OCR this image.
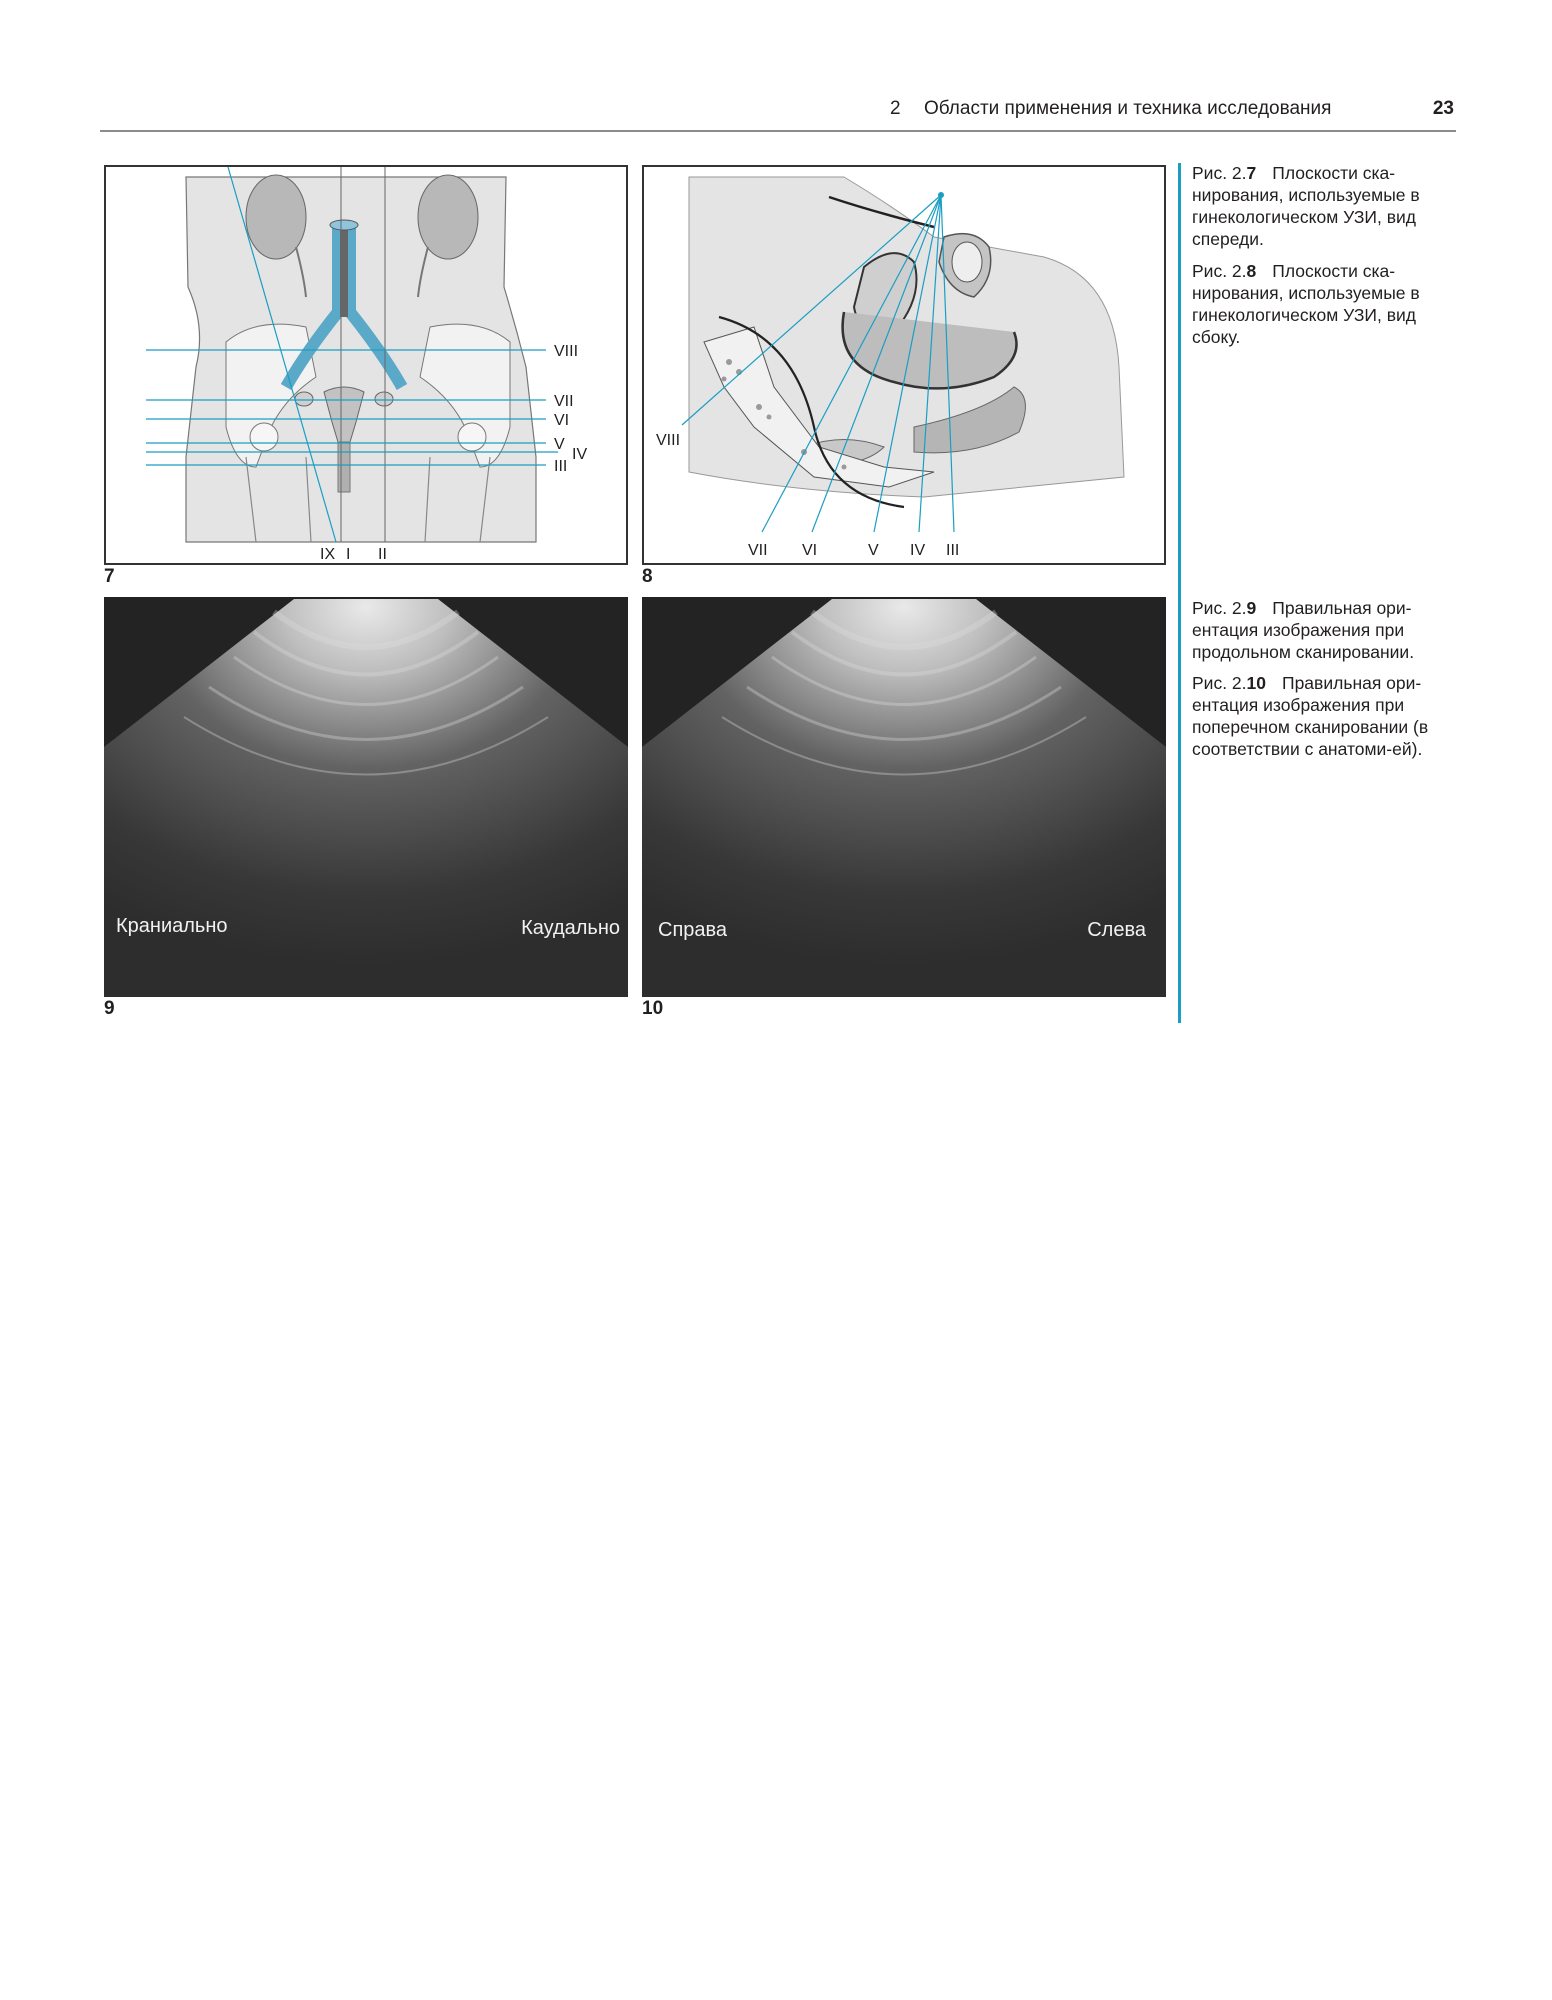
2 Области применения и техника исследования	23
VIII
VII
VI
V
IV
III
IX I II
7
VIII
VII VI	V IV III
8
Краниально	Каудально
9
Справа	Слева
10
Рис. 2.7 Плоскости ска- нирования, используемые в гинекологическом УЗИ, вид спереди.
Рис. 2.8 Плоскости ска- нирования, используемые в гинекологическом УЗИ, вид сбоку.
Рис. 2.9 Правильная ори- ентация изображения при продольном сканировании.
Рис. 2.10 Правильная ори- ентация изображения при поперечном сканировании (в соответствии с анатоми-ей).
